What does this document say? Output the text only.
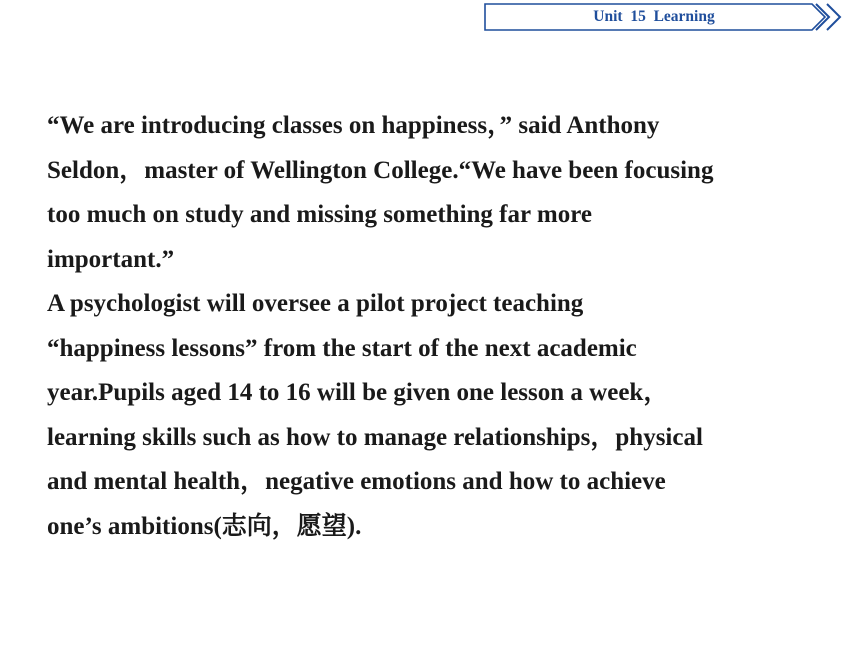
Unit  15  Learning
“We are introducing classes on happiness，” said Anthony
Seldon，master of Wellington College.“We have been focusing
too much on study and missing something far more
important.”
A psychologist will oversee a pilot project teaching
“happiness lessons” from the start of the next academic
year.Pupils aged 14 to 16 will be given one lesson a week，
learning skills such as how to manage relationships，physical
and mental health，negative emotions and how to achieve
one’s ambitions(志向，愿望).
